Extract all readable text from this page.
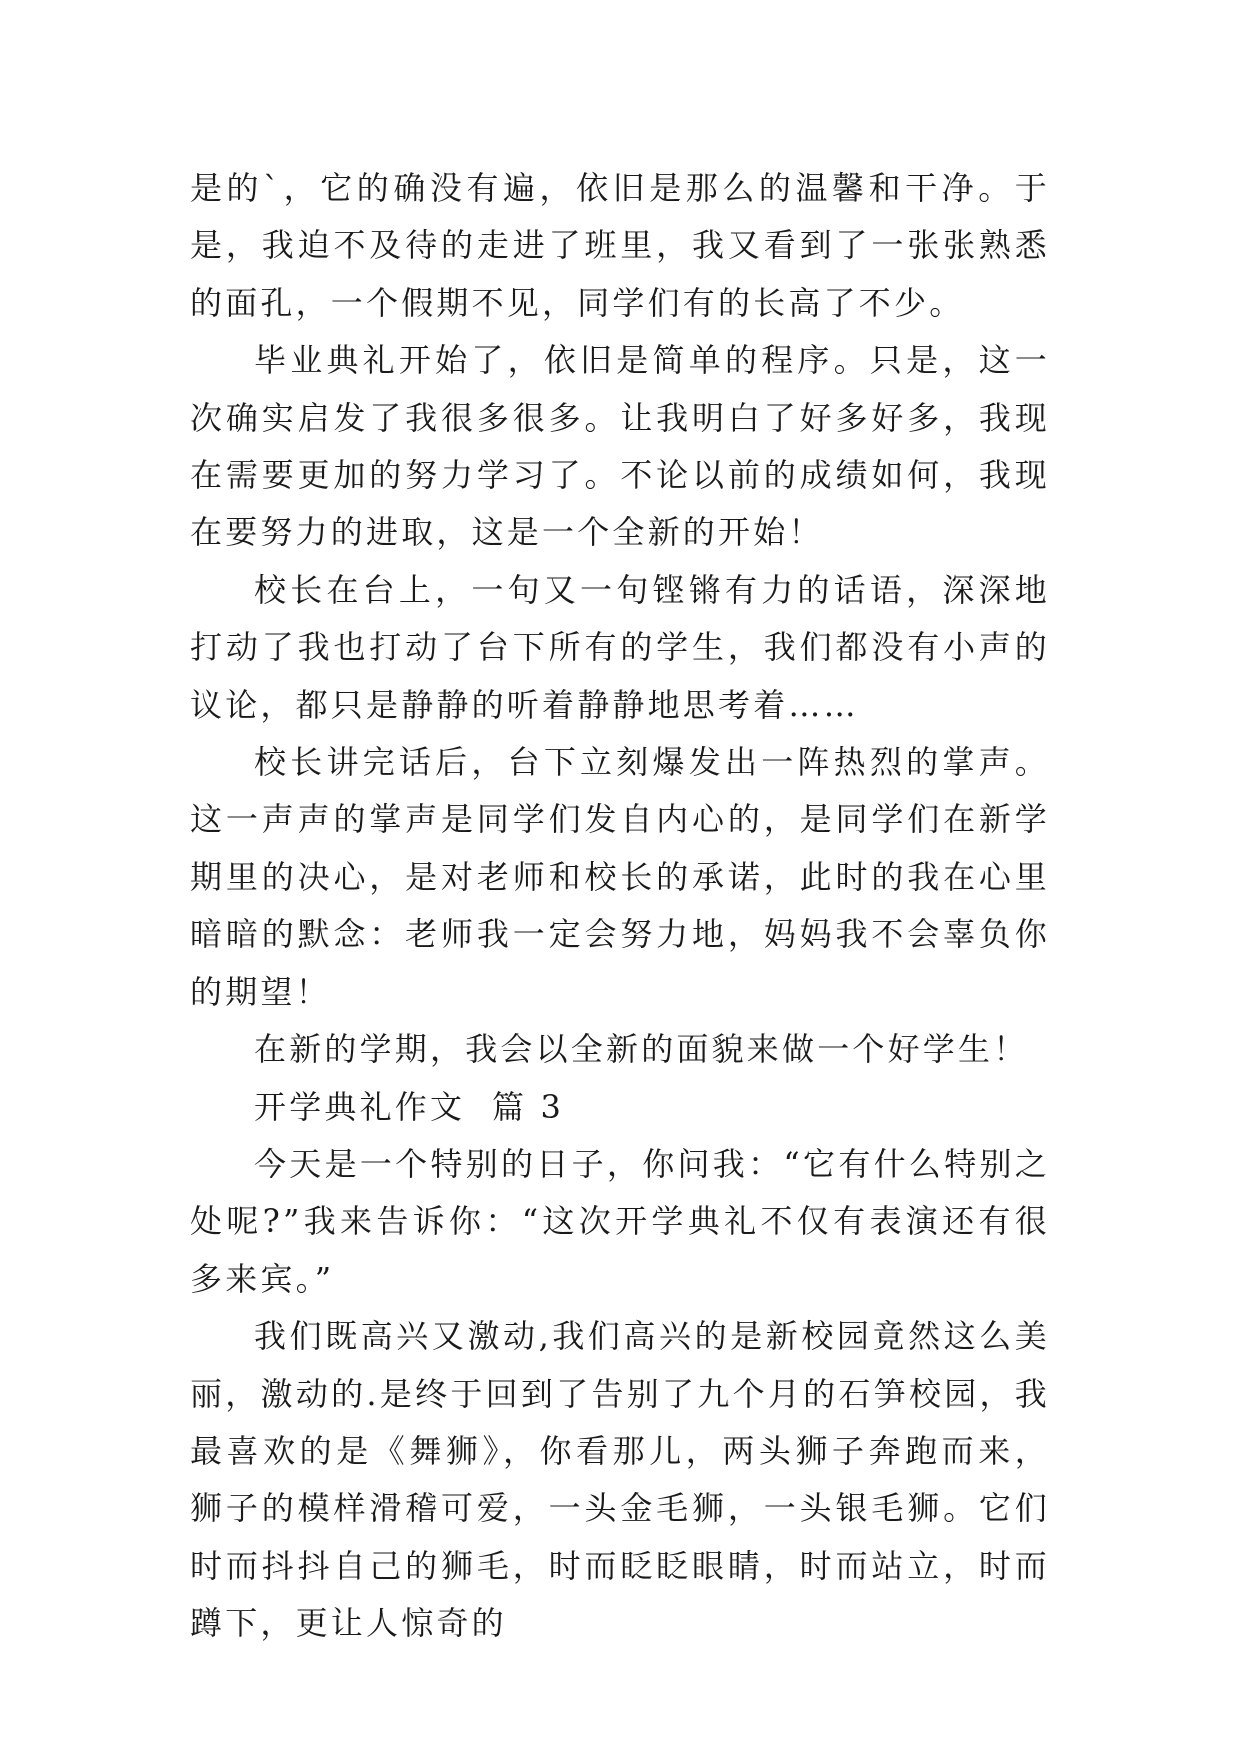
是的`，它的确没有遍，依旧是那么的温馨和干净。于是，我迫不及待的走进了班里，我又看到了一张张熟悉的面孔，一个假期不见，同学们有的长高了不少。

毕业典礼开始了，依旧是简单的程序。只是，这一次确实启发了我很多很多。让我明白了好多好多，我现在需要更加的努力学习了。不论以前的成绩如何，我现在要努力的进取，这是一个全新的开始！

校长在台上，一句又一句铿锵有力的话语，深深地打动了我也打动了台下所有的学生，我们都没有小声的议论，都只是静静的听着静静地思考着……

校长讲完话后，台下立刻爆发出一阵热烈的掌声。这一声声的掌声是同学们发自内心的，是同学们在新学期里的决心，是对老师和校长的承诺，此时的我在心里暗暗的默念：老师我一定会努力地，妈妈我不会辜负你的期望！

在新的学期，我会以全新的面貌来做一个好学生！

开学典礼作文  篇 3

今天是一个特别的日子，你问我：“它有什么特别之处呢?”我来告诉你：“这次开学典礼不仅有表演还有很多来宾。”

我们既高兴又激动,我们高兴的是新校园竟然这么美丽，激动的.是终于回到了告别了九个月的石笋校园，我最喜欢的是《舞狮》，你看那儿，两头狮子奔跑而来，狮子的模样滑稽可爱，一头金毛狮，一头银毛狮。它们时而抖抖自己的狮毛，时而眨眨眼睛，时而站立，时而蹲下，更让人惊奇的
